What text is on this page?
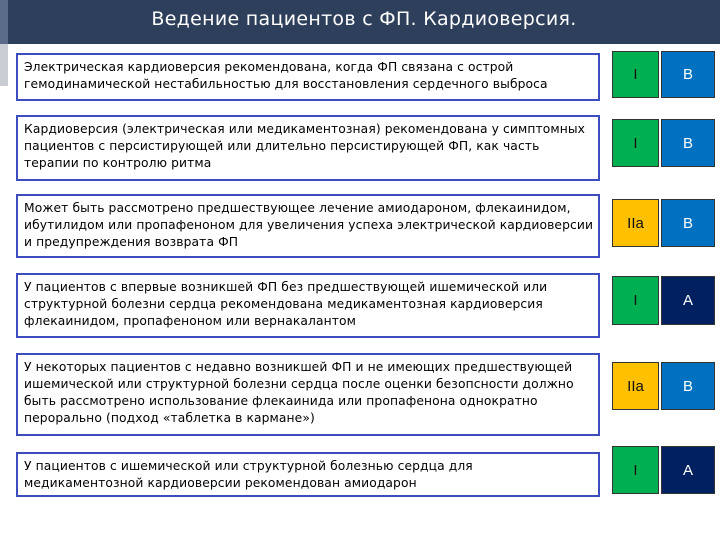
Ведение пациентов с ФП. Кардиоверсия.
Электрическая кардиоверсия рекомендована, когда ФП связана с острой гемодинамической нестабильностью для восстановления сердечного выброса
I	B
Кардиоверсия (электрическая или медикаментозная) рекомендована у симптомных пациентов с персистирующей или длительно персистирующей ФП, как часть терапии по контролю ритма
I	B
Может быть рассмотрено предшествующее лечение амиодароном, флекаинидом, ибутилидом или пропафеноном для увеличения успеха электрической кардиоверсии и предупреждения возврата ФП
IIa	B
У пациентов с впервые возникшей ФП без предшествующей ишемической или структурной болезни сердца рекомендована медикаментозная кардиоверсия флекаинидом, пропафеноном или вернакалантом
I	A
У некоторых пациентов с недавно возникшей ФП и не имеющих предшествующей ишемической или структурной болезни сердца после оценки безопсности должно быть рассмотрено использование флекаинида или пропафенона однократно перорально (подход «таблетка в кармане»)
IIa	B
У пациентов с ишемической или структурной болезнью сердца для медикаментозной кардиоверсии рекомендован амиодарон
I	A
